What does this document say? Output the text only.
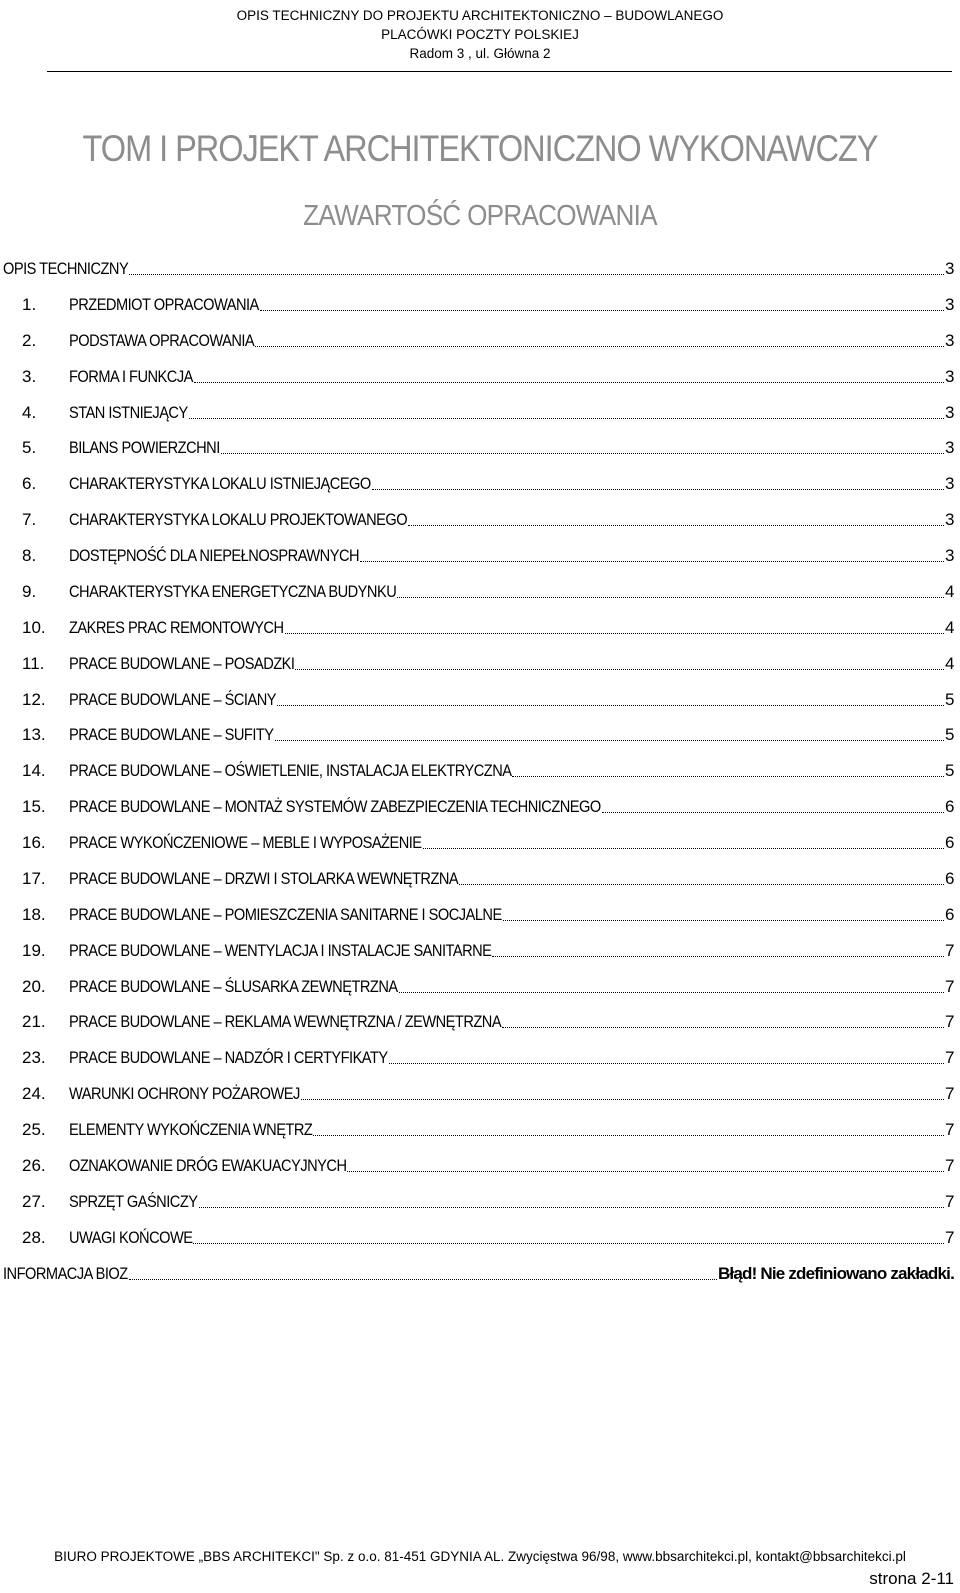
OPIS TECHNICZNY DO PROJEKTU ARCHITEKTONICZNO – BUDOWLANEGO
PLACÓWKI POCZTY POLSKIEJ
Radom 3 , ul. Główna 2
TOM I PROJEKT ARCHITEKTONICZNO WYKONAWCZY
ZAWARTOŚĆ OPRACOWANIA
OPIS TECHNICZNY	3
1.	PRZEDMIOT OPRACOWANIA	3
2.	PODSTAWA OPRACOWANIA	3
3.	FORMA I FUNKCJA	3
4.	STAN ISTNIEJĄCY	3
5.	BILANS POWIERZCHNI	3
6.	CHARAKTERYSTYKA LOKALU ISTNIEJĄCEGO	3
7.	CHARAKTERYSTYKA LOKALU PROJEKTOWANEGO	3
8.	DOSTĘPNOŚĆ DLA NIEPEŁNOSPRAWNYCH	3
9.	CHARAKTERYSTYKA ENERGETYCZNA BUDYNKU	4
10.	ZAKRES PRAC REMONTOWYCH	4
11.	PRACE BUDOWLANE – POSADZKI	4
12.	PRACE BUDOWLANE – ŚCIANY	5
13.	PRACE BUDOWLANE – SUFITY	5
14.	PRACE BUDOWLANE – OŚWIETLENIE, INSTALACJA ELEKTRYCZNA	5
15.	PRACE BUDOWLANE – MONTAŻ SYSTEMÓW ZABEZPIECZENIA TECHNICZNEGO	6
16.	PRACE WYKOŃCZENIOWE – MEBLE I WYPOSAŻENIE	6
17.	PRACE BUDOWLANE – DRZWI I STOLARKA WEWNĘTRZNA	6
18.	PRACE BUDOWLANE – POMIESZCZENIA SANITARNE I SOCJALNE	6
19.	PRACE BUDOWLANE – WENTYLACJA I INSTALACJE SANITARNE	7
20.	PRACE BUDOWLANE – ŚLUSARKA ZEWNĘTRZNA	7
21.	PRACE BUDOWLANE – REKLAMA WEWNĘTRZNA / ZEWNĘTRZNA	7
23.	PRACE BUDOWLANE – NADZÓR I CERTYFIKATY	7
24.	WARUNKI OCHRONY POŻAROWEJ	7
25.	ELEMENTY WYKOŃCZENIA WNĘTRZ	7
26.	OZNAKOWANIE DRÓG EWAKUACYJNYCH	7
27.	SPRZĘT GAŚNICZY	7
28.	UWAGI KOŃCOWE	7
INFORMACJA BIOZ	Błąd! Nie zdefiniowano zakładki.
BIURO PROJEKTOWE „BBS ARCHITEKCI" Sp. z o.o. 81-451 GDYNIA AL. Zwycięstwa 96/98, www.bbsarchitekci.pl, kontakt@bbsarchitekci.pl
strona 2-11
